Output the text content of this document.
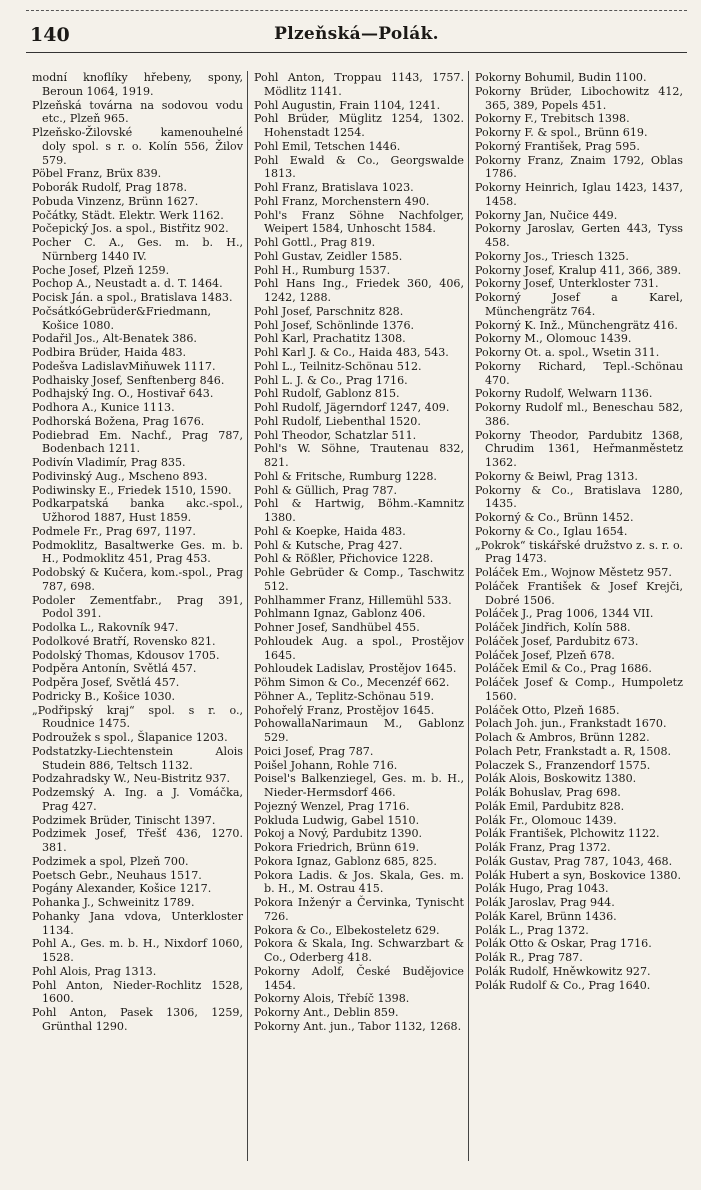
140	Plzeňská—Polák.
modní knoflíky hřebeny, spony, Beroun 1064, 1919.
Plzeňská továrna na sodovou vodu etc., Plzeň 965.
Plzeňsko-Žilovské kamenouhelné doly spol. s r. o. Kolín 556, Žilov 579.
Pöbel Franz, Brüx 839.
Poborák Rudolf, Prag 1878.
Pobuda Vinzenz, Brünn 1627.
Počátky, Städt. Elektr. Werk 1162.
Počepický Jos. a spol., Bistřitz 902.
Pocher C. A., Ges. m. b. H., Nürnberg 1440 IV.
Poche Josef, Plzeň 1259.
Pochop A., Neustadt a. d. T. 1464.
Pocisk Ján. a spol., Bratislava 1483.
PočsátkóGebrüder&Friedmann, Košice 1080.
Podařil Jos., Alt-Benatek 386.
Podbira Brüder, Haida 483.
Podešva LadislavMiňuwek 1117.
Podhaisky Josef, Senftenberg 846.
Podhajský Ing. O., Hostivař 643.
Podhora A., Kunice 1113.
Podhorská Božena, Prag 1676.
Podiebrad Em. Nachf., Prag 787, Bodenbach 1211.
Podivín Vladimír, Prag 835.
Podivinský Aug., Mscheno 893.
Podiwinsky E., Friedek 1510, 1590.
Podkarpatská banka akc.-spol., Užhorod 1887, Hust 1859.
Podmele Fr., Prag 697, 1197.
Podmoklitz, Basaltwerke Ges. m. b. H., Podmoklitz 451, Prag 453.
Podobský & Kučera, kom.-spol., Prag 787, 698.
Podoler Zementfabr., Prag 391, Podol 391.
Podolka L., Rakovník 947.
Podolkové Bratří, Rovensko 821.
Podolský Thomas, Kdousov 1705.
Podpěra Antonín, Světlá 457.
Podpěra Josef, Světlá 457.
Podricky B., Košice 1030.
„Podřipský kraj“ spol. s r. o., Roudnice 1475.
Podroužek s spol., Šlapanice 1203.
Podstatzky-Liechtenstein Alois Studein 886, Teltsch 1132.
Podzahradsky W., Neu-Bistritz 937.
Podzemský A. Ing. a J. Vomáčka, Prag 427.
Podzimek Brüder, Tinischt 1397.
Podzimek Josef, Třešť 436, 1270. 381.
Podzimek a spol, Plzeň 700.
Poetsch Gebr., Neuhaus 1517.
Pogány Alexander, Košice 1217.
Pohanka J., Schweinitz 1789.
Pohanky Jana vdova, Unterkloster 1134.
Pohl A., Ges. m. b. H., Nixdorf 1060, 1528.
Pohl Alois, Prag 1313.
Pohl Anton, Nieder-Rochlitz 1528, 1600.
Pohl Anton, Pasek 1306, 1259, Grünthal 1290.
Pohl Anton, Troppau 1143, 1757. Mödlitz 1141.
Pohl Augustin, Frain 1104, 1241.
Pohl Brüder, Müglitz 1254, 1302. Hohenstadt 1254.
Pohl Emil, Tetschen 1446.
Pohl Ewald & Co., Georgswalde 1813.
Pohl Franz, Bratislava 1023.
Pohl Franz, Morchenstern 490.
Pohl's Franz Söhne Nachfolger, Weipert 1584, Unhoscht 1584.
Pohl Gottl., Prag 819.
Pohl Gustav, Zeidler 1585.
Pohl H., Rumburg 1537.
Pohl Hans Ing., Friedek 360, 406, 1242, 1288.
Pohl Josef, Parschnitz 828.
Pohl Josef, Schönlinde 1376.
Pohl Karl, Prachatitz 1308.
Pohl Karl J. & Co., Haida 483, 543.
Pohl L., Teilnitz-Schönau 512.
Pohl L. J. & Co., Prag 1716.
Pohl Rudolf, Gablonz 815.
Pohl Rudolf, Jägerndorf 1247, 409.
Pohl Rudolf, Liebenthal 1520.
Pohl Theodor, Schatzlar 511.
Pohl's W. Söhne, Trautenau 832, 821.
Pohl & Fritsche, Rumburg 1228.
Pohl & Güllich, Prag 787.
Pohl & Hartwig, Böhm.-Kamnitz 1380.
Pohl & Koepke, Haida 483.
Pohl & Kutsche, Prag 427.
Pohl & Rößler, Přichovice 1228.
Pohle Gebrüder & Comp., Taschwitz 512.
Pohlhammer Franz, Hillemühl 533.
Pohlmann Ignaz, Gablonz 406.
Pohner Josef, Sandhübel 455.
Pohloudek Aug. a spol., Prostějov 1645.
Pohloudek Ladislav, Prostějov 1645.
Pöhm Simon & Co., Mecenzéf 662.
Pöhner A., Teplitz-Schönau 519.
Pohořelý Franz, Prostějov 1645.
PohowallaNarimaun M., Gablonz 529.
Poici Josef, Prag 787.
Poišel Johann, Rohle 716.
Poisel's Balkenziegel, Ges. m. b. H., Nieder-Hermsdorf 466.
Pojezný Wenzel, Prag 1716.
Pokluda Ludwig, Gabel 1510.
Pokoj a Nový, Pardubitz 1390.
Pokora Friedrich, Brünn 619.
Pokora Ignaz, Gablonz 685, 825.
Pokora Ladis. & Jos. Skala, Ges. m. b. H., M. Ostrau 415.
Pokora Inženýr a Červinka, Tynischt 726.
Pokora & Co., Elbekosteletz 629.
Pokora & Skala, Ing. Schwarzbart & Co., Oderberg 418.
Pokorny Adolf, České Budějovice 1454.
Pokorny Alois, Třebíč 1398.
Pokorny Ant., Deblin 859.
Pokorny Ant. jun., Tabor 1132, 1268.
Pokorny Bohumil, Budin 1100.
Pokorny Brüder, Libochowitz 412, 365, 389, Popels 451.
Pokorny F., Trebitsch 1398.
Pokorny F. & spol., Brünn 619.
Pokorný František, Prag 595.
Pokorny Franz, Znaim 1792, Oblas 1786.
Pokorny Heinrich, Iglau 1423, 1437, 1458.
Pokorny Jan, Nučice 449.
Pokorny Jaroslav, Gerten 443, Tyss 458.
Pokorny Jos., Triesch 1325.
Pokorny Josef, Kralup 411, 366, 389.
Pokorny Josef, Unterkloster 731.
Pokorný Josef a Karel, Münchengrätz 764.
Pokorný K. Inž., Münchengrätz 416.
Pokorny M., Olomouc 1439.
Pokorny Ot. a. spol., Wsetin 311.
Pokorny Richard, Tepl.-Schönau 470.
Pokorny Rudolf, Welwarn 1136.
Pokorny Rudolf ml., Beneschau 582, 386.
Pokorny Theodor, Pardubitz 1368, Chrudim 1361, Heřmanměstetz 1362.
Pokorny & Beiwl, Prag 1313.
Pokorny & Co., Bratislava 1280, 1435.
Pokorný & Co., Brünn 1452.
Pokorny & Co., Iglau 1654.
„Pokrok“ tiskářské družstvo z. s. r. o. Prag 1473.
Poláček Em., Wojnow Městetz 957.
Poláček František & Josef Krejči, Dobré 1506.
Poláček J., Prag 1006, 1344 VII.
Poláček Jindřich, Kolín 588.
Poláček Josef, Pardubitz 673.
Poláček Josef, Plzeň 678.
Poláček Emil & Co., Prag 1686.
Poláček Josef & Comp., Humpoletz 1560.
Poláček Otto, Plzeň 1685.
Polach Joh. jun., Frankstadt 1670.
Polach & Ambros, Brünn 1282.
Polach Petr, Frankstadt a. R, 1508.
Polaczek S., Franzendorf 1575.
Polák Alois, Boskowitz 1380.
Polák Bohuslav, Prag 698.
Polák Emil, Pardubitz 828.
Polák Fr., Olomouc 1439.
Polák František, Plchowitz 1122.
Polák Franz, Prag 1372.
Polák Gustav, Prag 787, 1043, 468.
Polák Hubert a syn, Boskovice 1380.
Polák Hugo, Prag 1043.
Polák Jaroslav, Prag 944.
Polák Karel, Brünn 1436.
Polák L., Prag 1372.
Polák Otto & Oskar, Prag 1716.
Polák R., Prag 787.
Polák Rudolf, Hněwkowitz 927.
Polák Rudolf & Co., Prag 1640.
